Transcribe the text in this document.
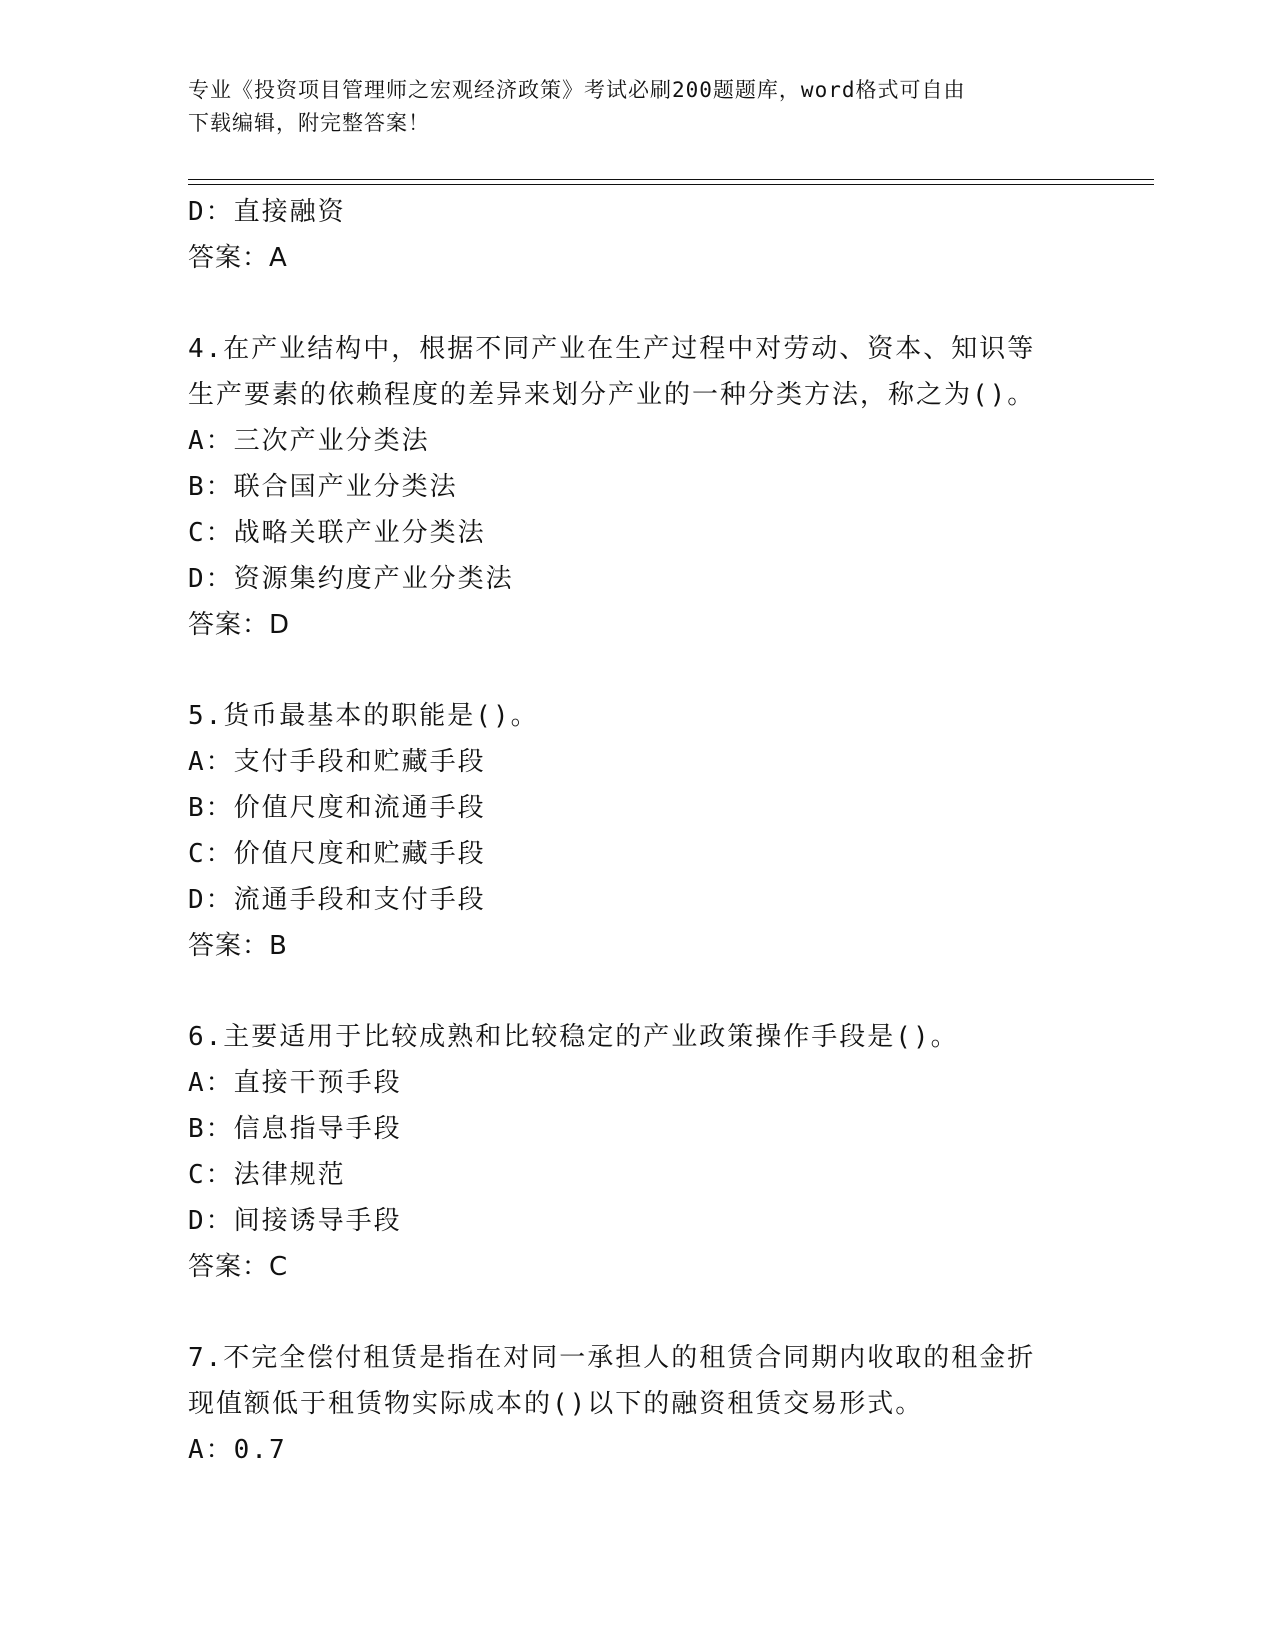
专业《投资项目管理师之宏观经济政策》考试必刷200题题库，word格式可自由
下载编辑，附完整答案！

D：直接融资

答案：A

4.在产业结构中，根据不同产业在生产过程中对劳动、资本、知识等

生产要素的依赖程度的差异来划分产业的一种分类方法，称之为()。

A：三次产业分类法

B：联合国产业分类法

C：战略关联产业分类法

D：资源集约度产业分类法

答案：D

5.货币最基本的职能是()。

A：支付手段和贮藏手段

B：价值尺度和流通手段

C：价值尺度和贮藏手段

D：流通手段和支付手段

答案：B

6.主要适用于比较成熟和比较稳定的产业政策操作手段是()。

A：直接干预手段

B：信息指导手段

C：法律规范

D：间接诱导手段

答案：C

7.不完全偿付租赁是指在对同一承担人的租赁合同期内收取的租金折

现值额低于租赁物实际成本的()以下的融资租赁交易形式。

A：0.7
